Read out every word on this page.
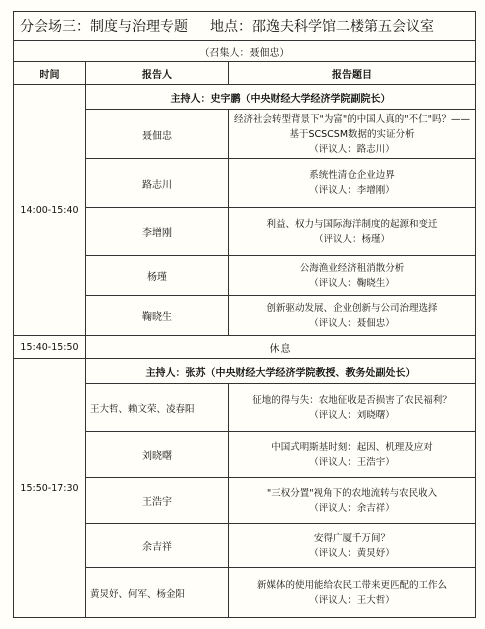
分会场三：制度与治理专题 地点：邵逸夫科学馆二楼第五会议室		
（召集人：聂佃忠）		
时间	报告人	报告题目
14:00-15:40	主持人：史宇鹏（中央财经大学经济学院副院长）	
	聂佃忠	经济社会转型背景下"为富"的中国人真的"不仁"吗？——基于SCSCSM数据的实证分析
（评议人：路志川）

	路志川	系统性清仓企业边界
（评议人：李增刚）

	李增刚	利益、权力与国际海洋制度的起源和变迁
（评议人：杨瑾）

	杨瑾	公海渔业经济租消散分析
（评议人：鞠晓生）

	鞠晓生	创新驱动发展、企业创新与公司治理选择
（评议人：聂佃忠）

15:40-15:50	休息	
15:50-17:30	主持人：张苏（中央财经大学经济学院教授、教务处副处长）	
	王大哲、赖文荣、凌春阳	征地的得与失：农地征收是否损害了农民福利？
（评议人：刘晓曙）

	刘晓曙	中国式明斯基时刻：起因、机理及应对
（评议人：王浩宇）

	王浩宇	"三权分置"视角下的农地流转与农民收入
（评议人：余吉祥）

	余吉祥	安得广厦千万间？
（评议人：黄炅妤）

	黄炅妤、何军、杨金阳	新媒体的使用能给农民工带来更匹配的工作么
（评议人：王大哲）
